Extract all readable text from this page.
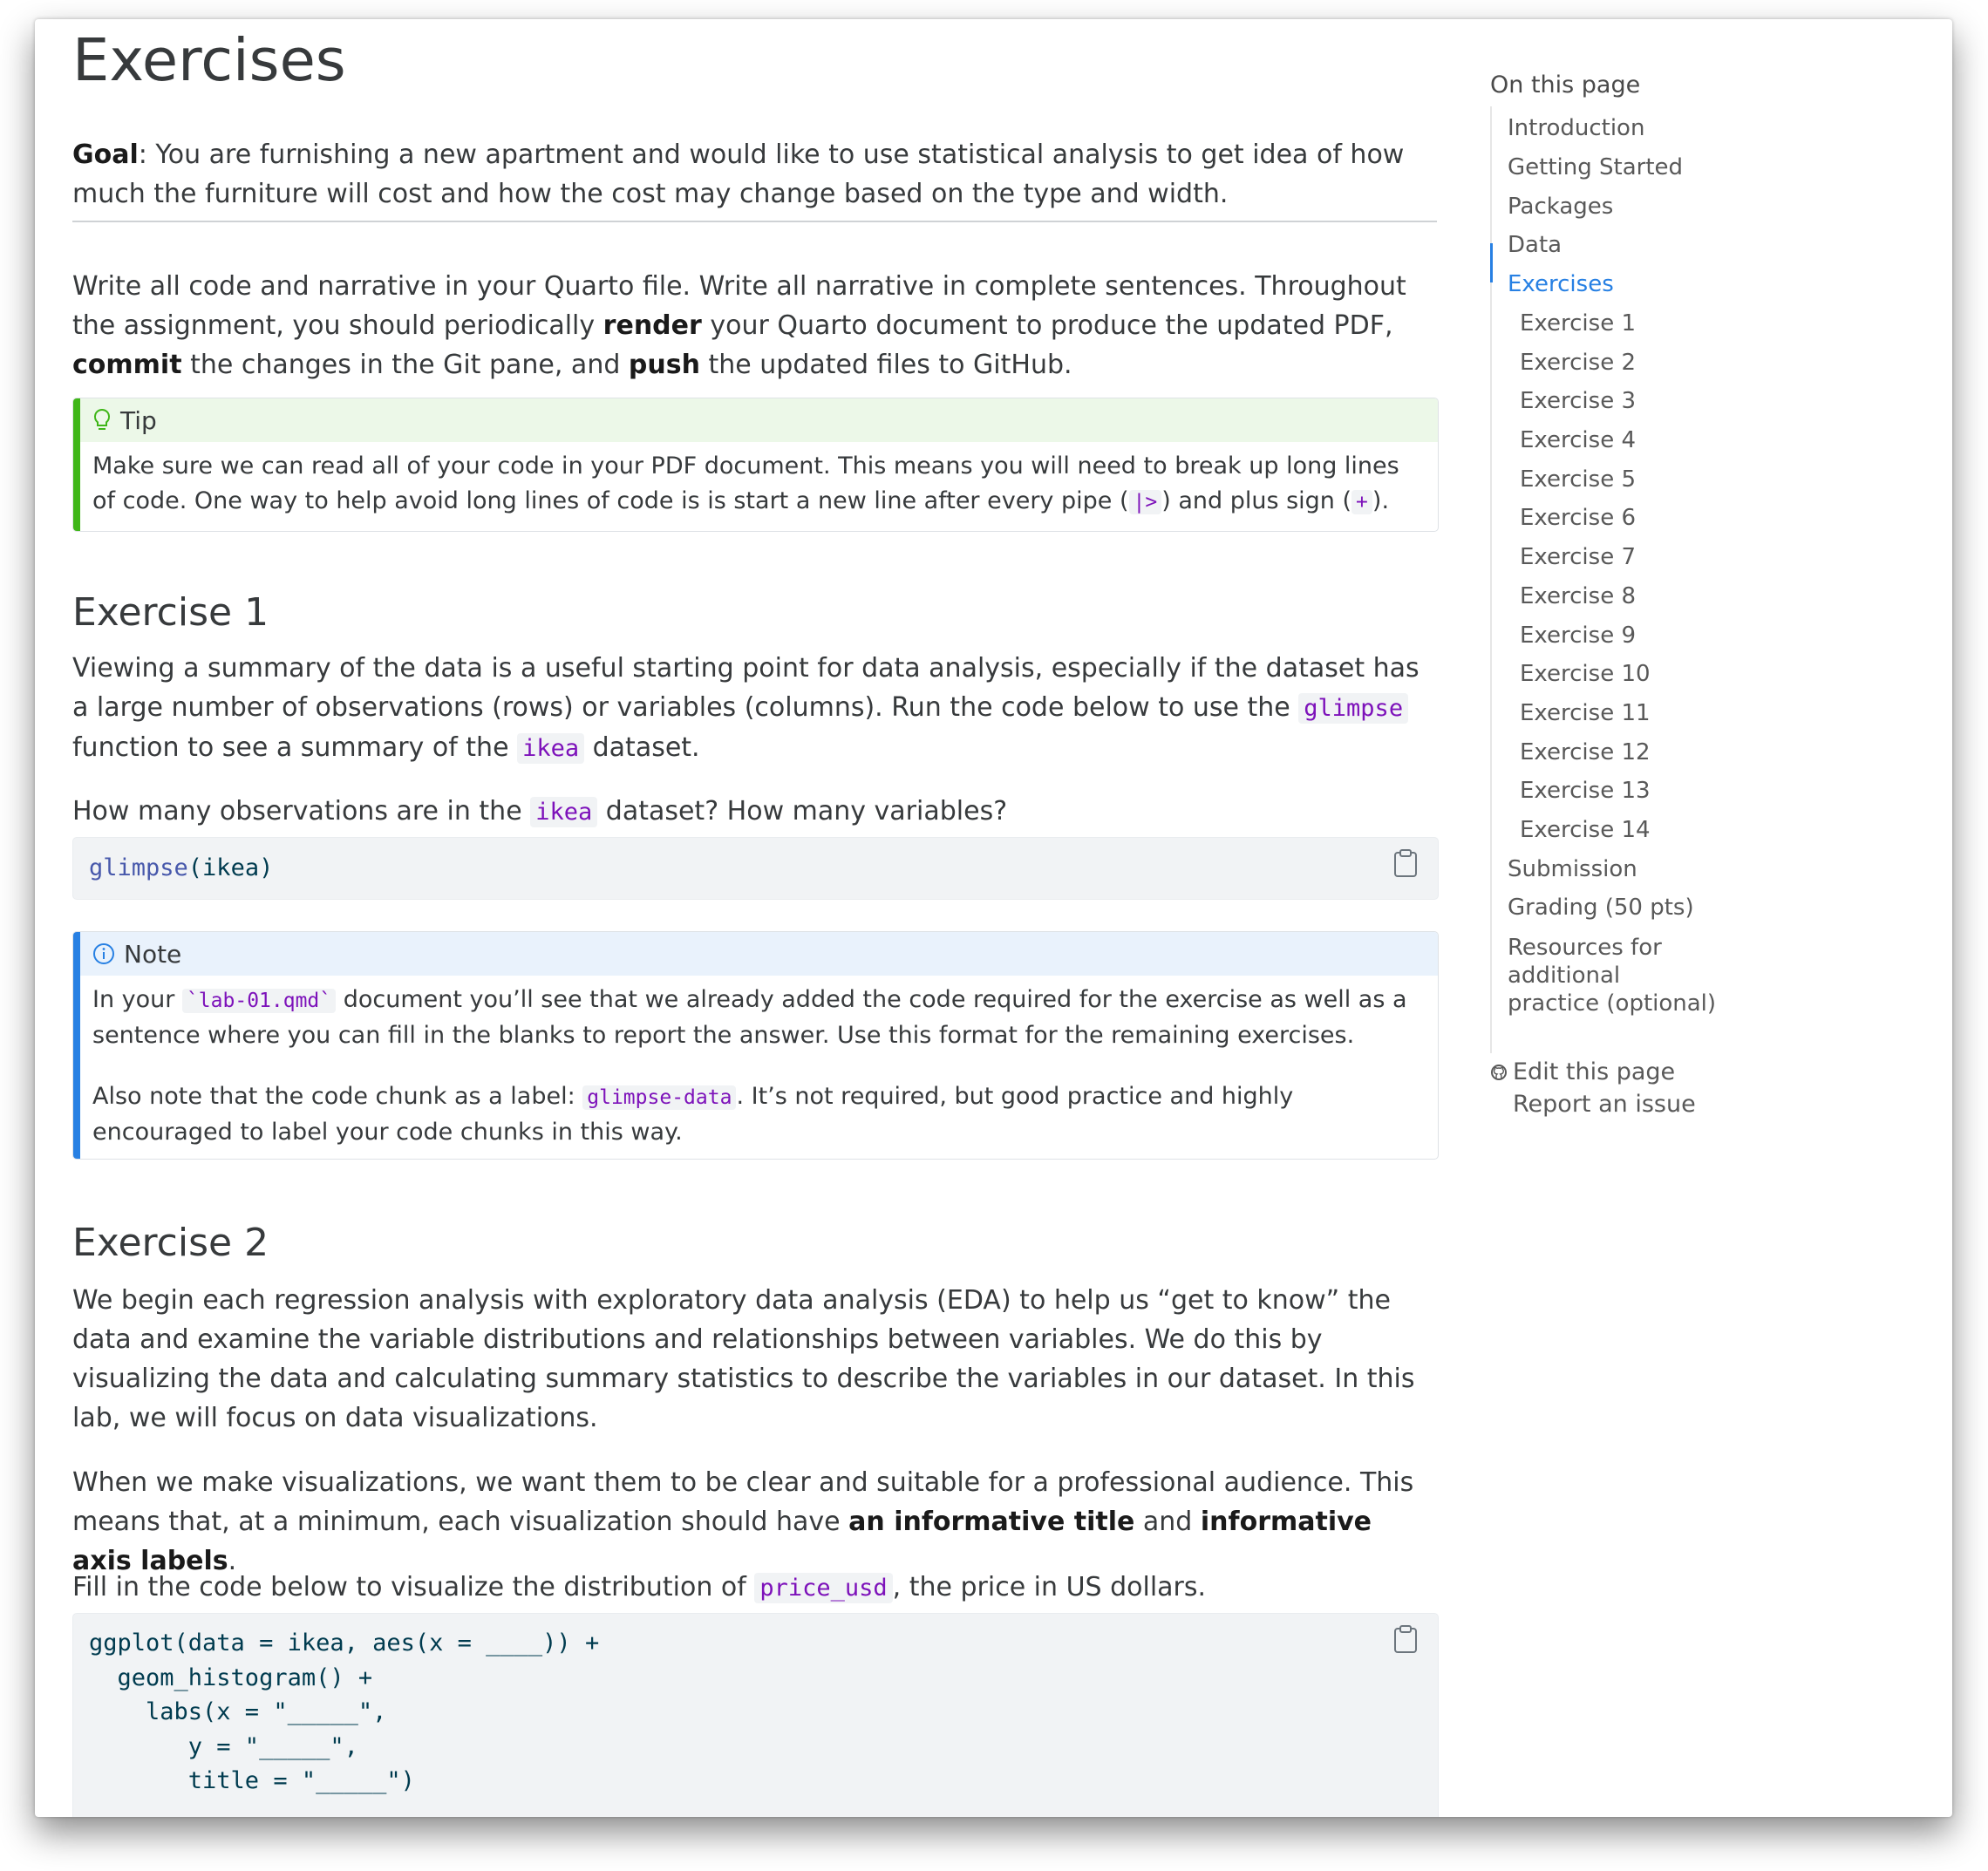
Exercises

Goal: You are furnishing a new apartment and would like to use statistical analysis to get idea of how much the furniture will cost and how the cost may change based on the type and width.

Write all code and narrative in your Quarto file. Write all narrative in complete sentences. Throughout the assignment, you should periodically render your Quarto document to produce the updated PDF, commit the changes in the Git pane, and push the updated files to GitHub.

Tip

Make sure we can read all of your code in your PDF document. This means you will need to break up long lines of code. One way to help avoid long lines of code is is start a new line after every pipe ( |> ) and plus sign ( + ).

Exercise 1

Viewing a summary of the data is a useful starting point for data analysis, especially if the dataset has a large number of observations (rows) or variables (columns). Run the code below to use the glimpse function to see a summary of the ikea dataset.

How many observations are in the ikea dataset? How many variables?

glimpse(ikea)
Note

In your `lab-01.qmd` document you’ll see that we already added the code required for the exercise as well as a sentence where you can fill in the blanks to report the answer. Use this format for the remaining exercises.

Also note that the code chunk as a label: glimpse-data . It’s not required, but good practice and highly encouraged to label your code chunks in this way.

Exercise 2

We begin each regression analysis with exploratory data analysis (EDA) to help us “get to know” the data and examine the variable distributions and relationships between variables. We do this by visualizing the data and calculating summary statistics to describe the variables in our dataset. In this lab, we will focus on data visualizations.

When we make visualizations, we want them to be clear and suitable for a professional audience. This means that, at a minimum, each visualization should have an informative title and informative axis labels.

Fill in the code below to visualize the distribution of price_usd , the price in US dollars.

ggplot(data = ikea, aes(x = ____)) +
geom_histogram() +
labs(x = "_____",
y = "_____",
title = "_____")
On this page
Introduction
Getting Started
Packages
Data
Exercises
Exercise 1
Exercise 2
Exercise 3
Exercise 4
Exercise 5
Exercise 6
Exercise 7
Exercise 8
Exercise 9
Exercise 10
Exercise 11
Exercise 12
Exercise 13
Exercise 14
Submission
Grading (50 pts)
Resources for additional practice (optional)
Edit this page
Report an issue
